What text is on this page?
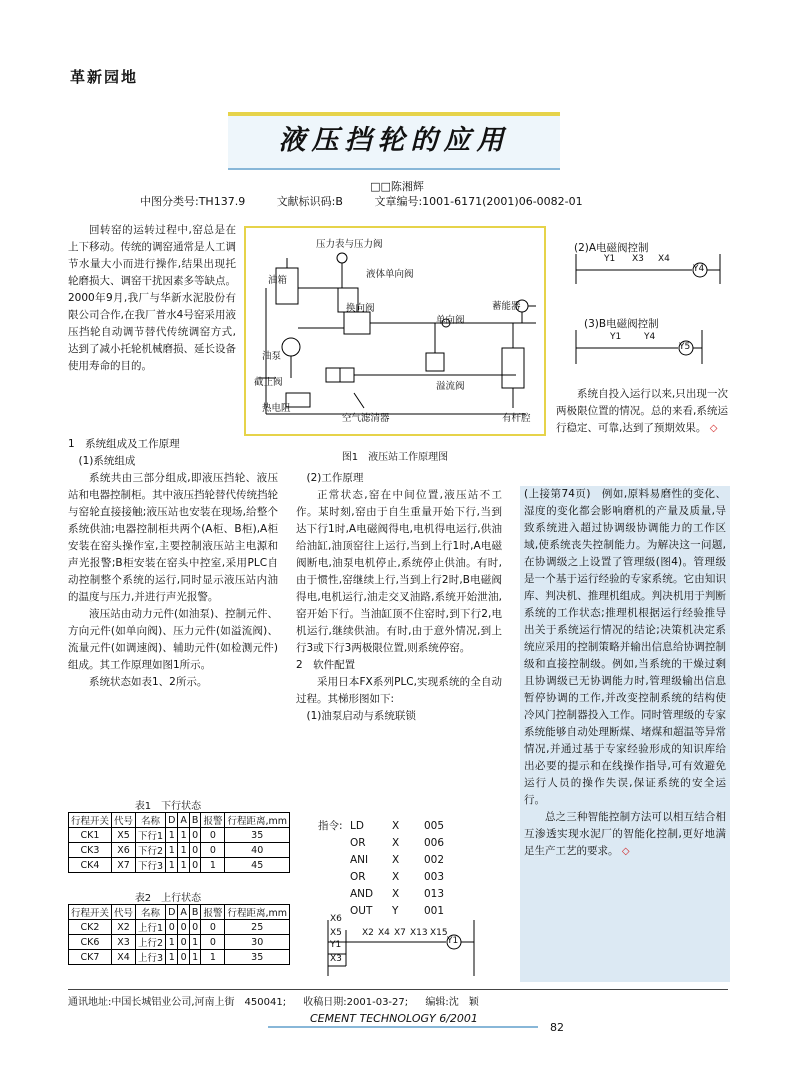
革新园地
液压挡轮的应用
□□陈湘辉
中图分类号:TH137.9	文献标识码:B	文章编号:1001-6171(2001)06-0082-01

回转窑的运转过程中,窑总是在上下移动。传统的调窑通常是人工调节水量大小而进行操作,结果出现托轮磨损大、调窑干扰因素多等缺点。2000年9月,我厂与华新水泥股份有限公司合作,在我厂普水4号窑采用液压挡轮自动调节替代传统调窑方式,达到了减小托轮机械磨损、延长设备使用寿命的目的。

1　系统组成及工作原理

(1)系统组成

系统共由三部分组成,即液压挡轮、液压站和电器控制柜。其中液压挡轮替代传统挡轮与窑轮直接接触;液压站也安装在现场,给整个系统供油;电器控制柜共两个(A柜、B柜),A柜安装在窑头操作室,主要控制液压站主电源和声光报警;B柜安装在窑头中控室,采用PLC自动控制整个系统的运行,同时显示液压站内油的温度与压力,并进行声光报警。

液压站由动力元件(如油泵)、控制元件、方向元件(如单向阀)、压力元件(如溢流阀)、流量元件(如调速阀)、辅助元件(如检测元件)组成。其工作原理如图1所示。

系统状态如表1、2所示。

表1　下行状态
行程开关	代号	名称	D	A	B	报警	行程距离,mm
CK1	X5	下行1	1	1	0	0	35
CK3	X6	下行2	1	1	0	0	40
CK4	X7	下行3	1	1	0	1	45
表2　上行状态
行程开关	代号	名称	D	A	B	报警	行程距离,mm
CK2	X2	上行1	0	0	0	0	25
CK6	X3	上行2	1	0	1	0	30
CK7	X4	上行3	1	0	1	1	35
压力表与压力阀
油箱
液体单向阀
换向阀
单向阀
蓄能器
油泵
截止阀	溢流阀
热电阻
空气滤清器	有杆腔
图1　液压站工作原理图

(2)工作原理

正常状态,窑在中间位置,液压站不工作。某时刻,窑由于自生重量开始下行,当到达下行1时,A电磁阀得电,电机得电运行,供油给油缸,油顶窑往上运行,当到上行1时,A电磁阀断电,油泵电机停止,系统停止供油。有时,由于惯性,窑继续上行,当到上行2时,B电磁阀得电,电机运行,油走交叉油路,系统开始泄油,窑开始下行。当油缸顶不住窑时,到下行2,电机运行,继续供油。有时,由于意外情况,到上行3或下行3两极限位置,则系统停窑。

2　软件配置

采用日本FX系列PLC,实现系统的全自动过程。其梯形图如下:

(1)油泵启动与系统联锁

指令: LD	X	005
OR	X	006
ANI	X	002
OR	X	003
AND	X	013
OUT	Y	001
X6
X5
Y1
X3
X2 X4 X7 X13 X15
Y1
(2)A电磁阀控制
Y1 X3 X4
Y4
(3)B电磁阀控制
Y1	Y4
Y5

系统自投入运行以来,只出现一次两极限位置的情况。总的来看,系统运行稳定、可靠,达到了预期效果。 ◇

(上接第74页)　例如,原料易磨性的变化、湿度的变化都会影响磨机的产量及质量,导致系统进入超过协调级协调能力的工作区域,使系统丧失控制能力。为解决这一问题,在协调级之上设置了管理级(图4)。管理级是一个基于运行经验的专家系统。它由知识库、判决机、推理机组成。判决机用于判断系统的工作状态;推理机根据运行经验推导出关于系统运行情况的结论;决策机决定系统应采用的控制策略并输出信息给协调控制级和直接控制级。例如,当系统的干燥过剩且协调级已无协调能力时,管理级输出信息暂停协调的工作,并改变控制系统的结构使冷风门控制器投入工作。同时管理级的专家系统能够自动处理断煤、堵煤和超温等异常情况,并通过基于专家经验形成的知识库给出必要的提示和在线操作指导,可有效避免运行人员的操作失误,保证系统的安全运行。

总之三种智能控制方法可以相互结合相互渗透实现水泥厂的智能化控制,更好地满足生产工艺的要求。 ◇

通讯地址:中国长城铝业公司,河南上街　450041; 收稿日期:2001-03-27; 编辑:沈　颖
CEMENT TECHNOLOGY 6/2001
82
